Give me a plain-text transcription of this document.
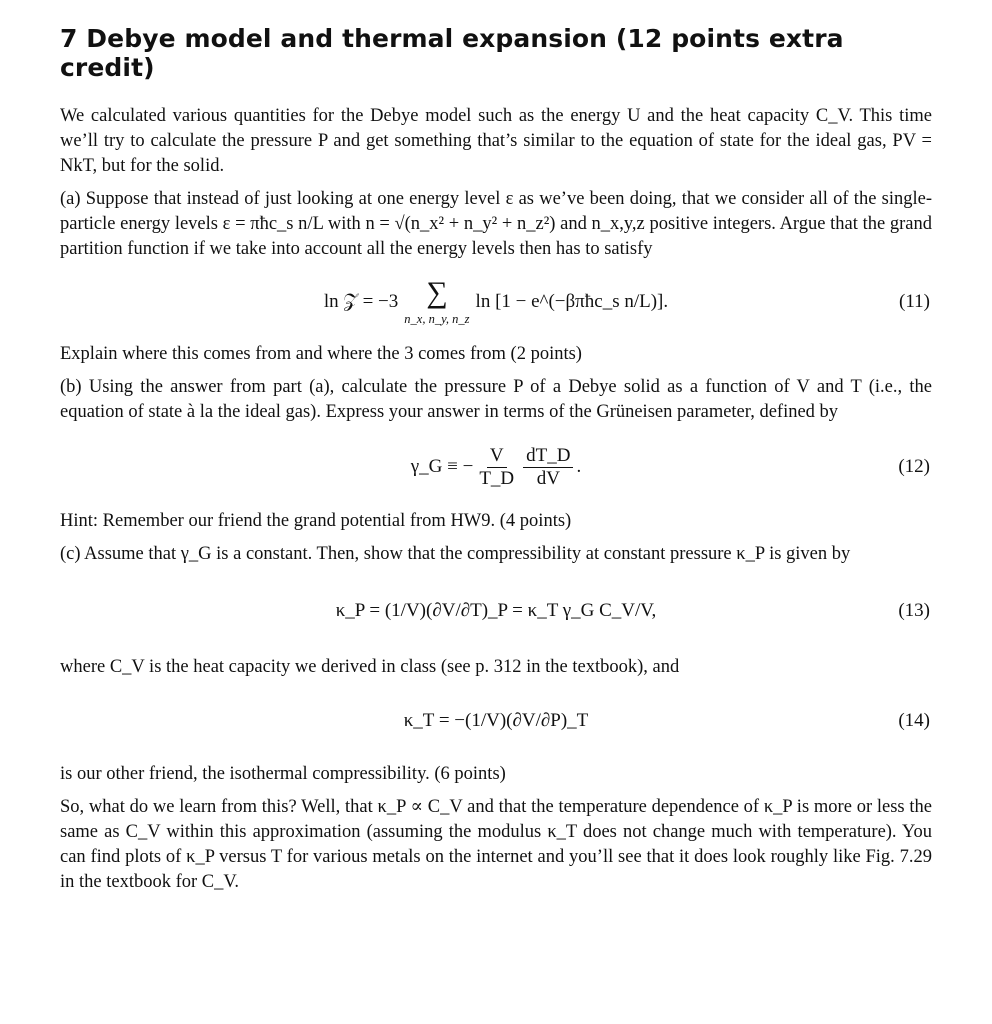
7 Debye model and thermal expansion (12 points extra credit)

We calculated various quantities for the Debye model such as the energy U and the heat capacity C_V. This time we’ll try to calculate the pressure P and get something that’s similar to the equation of state for the ideal gas, PV = NkT, but for the solid.

(a) Suppose that instead of just looking at one energy level ε as we’ve been doing, that we consider all of the single-particle energy levels ε = πħc_s n/L with n = √(n_x² + n_y² + n_z²) and n_x,y,z positive integers. Argue that the grand partition function if we take into account all the energy levels then has to satisfy

ln 𝒵 = −3 ∑
n_x, n_y, n_z
ln [1 − e^(−βπħc_s n/L)].	(11)

Explain where this comes from and where the 3 comes from (2 points)

(b) Using the answer from part (a), calculate the pressure P of a Debye solid as a function of V and T (i.e., the equation of state à la the ideal gas). Express your answer in terms of the Grüneisen parameter, defined by

γ_G ≡ − $\frac{V}{T\_D} \frac{dT\_D}{dV}$ .	(12)

Hint: Remember our friend the grand potential from HW9. (4 points)

(c) Assume that γ_G is a constant. Then, show that the compressibility at constant pressure κ_P is given by

κ_P = (1/V)(∂V/∂T)_P = κ_T γ_G C_V/V,	(13)

where C_V is the heat capacity we derived in class (see p. 312 in the textbook), and

κ_T = −(1/V)(∂V/∂P)_T	(14)

is our other friend, the isothermal compressibility. (6 points)

So, what do we learn from this? Well, that κ_P ∝ C_V and that the temperature dependence of κ_P is more or less the same as C_V within this approximation (assuming the modulus κ_T does not change much with temperature). You can find plots of κ_P versus T for various metals on the internet and you’ll see that it does look roughly like Fig. 7.29 in the textbook for C_V.
